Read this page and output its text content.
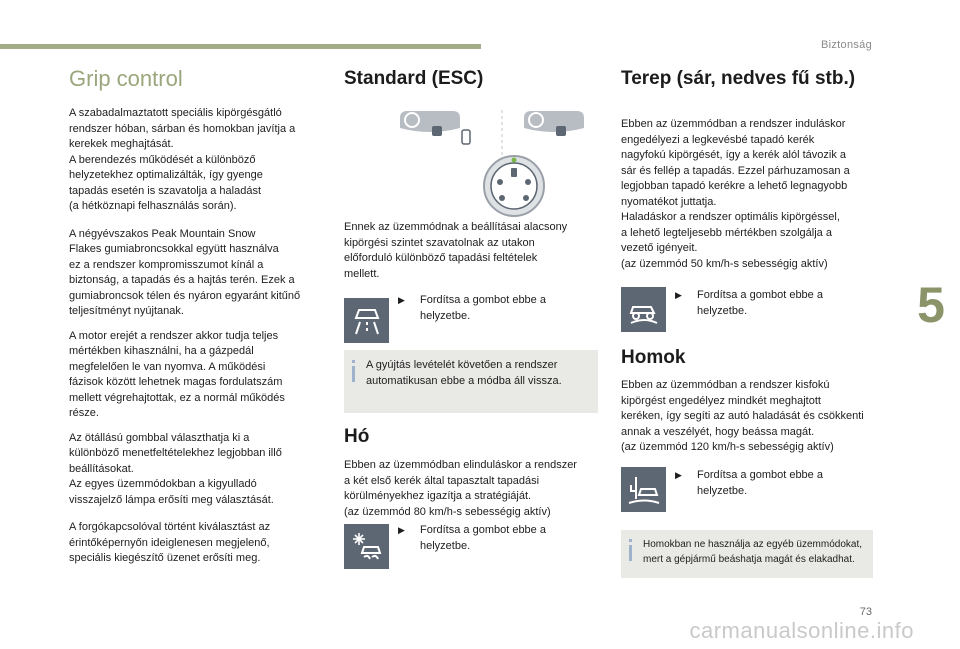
Biztonság
5
Grip control

A szabadalmaztatott speciális kipörgésgátló
rendszer hóban, sárban és homokban javítja a
kerekek meghajtását.
A berendezés működését a különböző
helyzetekhez optimalizálták, így gyenge
tapadás esetén is szavatolja a haladást
(a hétköznapi felhasználás során).

A négyévszakos Peak Mountain Snow
Flakes gumiabroncsokkal együtt használva
ez a rendszer kompromisszumot kínál a
biztonság, a tapadás és a hajtás terén. Ezek a
gumiabroncsok télen és nyáron egyaránt kitűnő
teljesítményt nyújtanak.

A motor erejét a rendszer akkor tudja teljes
mértékben kihasználni, ha a gázpedál
megfelelően le van nyomva. A működési
fázisok között lehetnek magas fordulatszám
mellett végrehajtottak, ez a normál működés
része.

Az ötállású gombbal választhatja ki a
különböző menetfeltételekhez legjobban illő
beállításokat.
Az egyes üzemmódokban a kigyulladó
visszajelző lámpa erősíti meg választását.

A forgókapcsolóval történt kiválasztást az
érintőképernyőn ideiglenesen megjelenő,
speciális kiegészítő üzenet erősíti meg.

Standard (ESC)

Ennek az üzemmódnak a beállításai alacsony
kipörgési szintet szavatolnak az utakon
előforduló különböző tapadási feltételek
mellett.

▶ Fordítsa a gombot ebbe a
helyzetbe.

A gyújtás levételét követően a rendszer
automatikusan ebbe a módba áll vissza.

Hó

Ebben az üzemmódban elinduláskor a rendszer
a két első kerék által tapasztalt tapadási
körülményekhez igazítja a stratégiáját.
(az üzemmód 80 km/h-s sebességig aktív)

▶ Fordítsa a gombot ebbe a
helyzetbe.
Terep (sár, nedves fű stb.)

Ebben az üzemmódban a rendszer induláskor
engedélyezi a legkevésbé tapadó kerék
nagyfokú kipörgését, így a kerék alól távozik a
sár és fellép a tapadás. Ezzel párhuzamosan a
legjobban tapadó kerékre a lehető legnagyobb
nyomatékot juttatja.
Haladáskor a rendszer optimális kipörgéssel,
a lehető legteljesebb mértékben szolgálja a
vezető igényeit.
(az üzemmód 50 km/h-s sebességig aktív)

▶ Fordítsa a gombot ebbe a
helyzetbe.
Homok

Ebben az üzemmódban a rendszer kisfokú
kipörgést engedélyez mindkét meghajtott
keréken, így segíti az autó haladását és csökkenti
annak a veszélyét, hogy beássa magát.
(az üzemmód 120 km/h-s sebességig aktív)

▶ Fordítsa a gombot ebbe a
helyzetbe.

Homokban ne használja az egyéb üzemmódokat,
mert a gépjármű beáshatja magát és elakadhat.

73
carmanualsonline.info
